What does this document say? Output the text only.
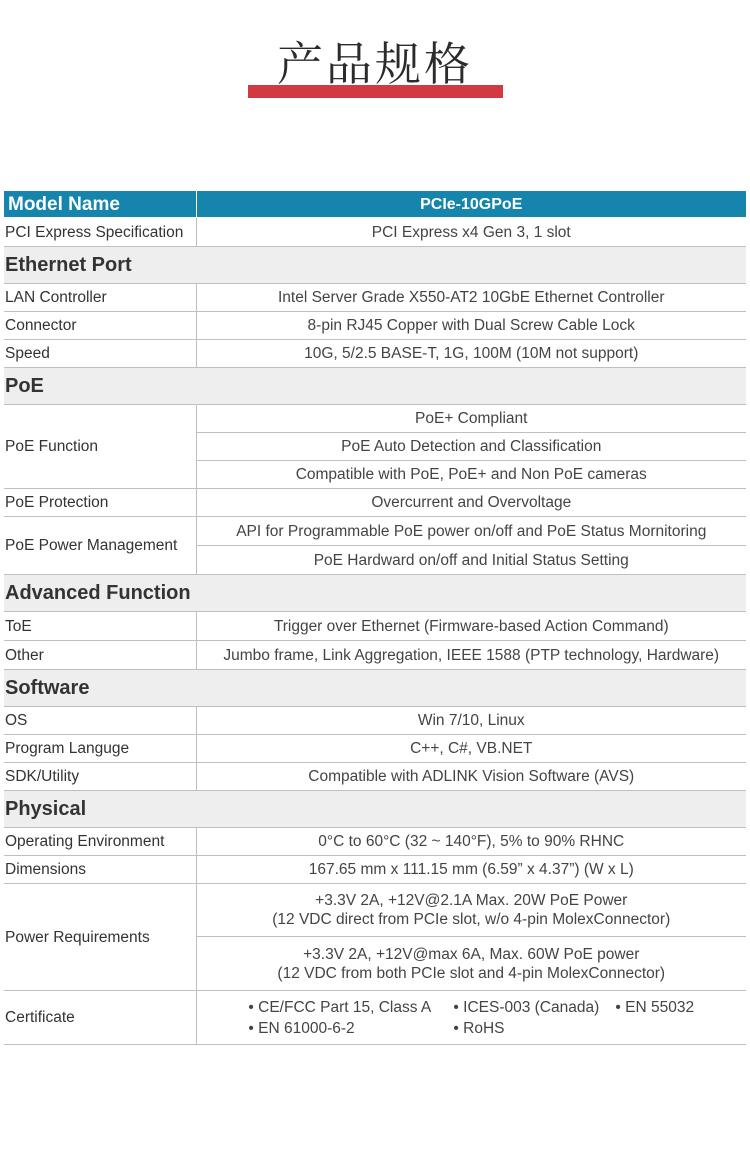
产品规格
Model Name	PCIe-10GPoE
PCI Express Specification	PCI Express x4 Gen 3, 1 slot
Ethernet Port	
LAN Controller	Intel Server Grade X550-AT2 10GbE Ethernet Controller
Connector	8-pin RJ45 Copper with Dual Screw Cable Lock
Speed	10G, 5/2.5 BASE-T, 1G, 100M (10M not support)
PoE	
PoE Function	PoE+ Compliant
	PoE Auto Detection and Classification
	Compatible with PoE, PoE+ and Non PoE cameras
PoE Protection	Overcurrent and Overvoltage
PoE Power Management	API for Programmable PoE power on/off and PoE Status Mornitoring
	PoE Hardward on/off and Initial Status Setting
Advanced Function	
ToE	Trigger over Ethernet (Firmware-based Action Command)
Other	Jumbo frame, Link Aggregation, IEEE 1588 (PTP technology, Hardware)
Software	
OS	Win 7/10, Linux
Program Languge	C++, C#, VB.NET
SDK/Utility	Compatible with ADLINK Vision Software (AVS)
Physical	
Operating Environment	0°C to 60°C (32 ~ 140°F), 5% to 90% RHNC
Dimensions	167.65 mm x 111.15 mm (6.59” x 4.37”) (W x L)
Power Requirements	+3.3V 2A, +12V@2.1A Max. 20W PoE Power
(12 VDC direct from PCIe slot, w/o 4-pin MolexConnector)

	+3.3V 2A, +12V@max 6A, Max. 60W PoE power
(12 VDC from both PCIe slot and 4-pin MolexConnector)

Certificate	• CE/FCC Part 15, Class A • ICES-003 (Canada) • EN 55032
• EN 61000-6-2 • RoHS
